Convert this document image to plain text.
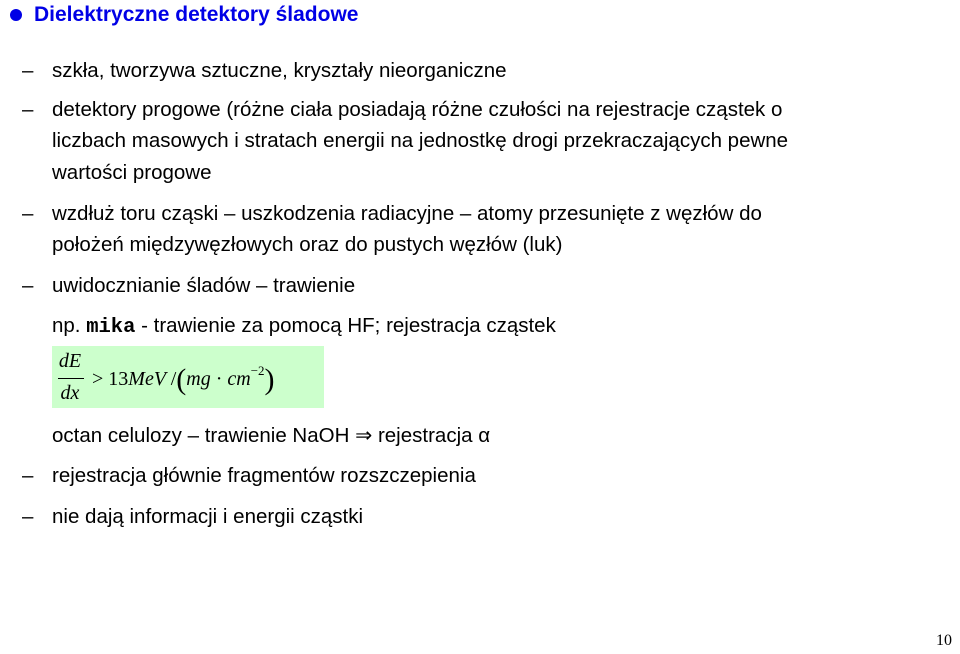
Dielektryczne detektory śladowe
– szkła, tworzywa sztuczne, kryształy nieorganiczne
– detektory progowe (różne ciała posiadają różne czułości na rejestracje cząstek o
liczbach masowych i stratach energii na jednostkę drogi przekraczających pewne
wartości progowe
– wzdłuż toru cząski – uszkodzenia radiacyjne – atomy przesunięte z węzłów do
położeń międzywęzłowych oraz do pustych węzłów (luk)
– uwidocznianie śladów – trawienie
np. mika - trawienie za pomocą HF; rejestracja cząstek
dE
dx
> 13MeV $/(mg \cdot cm^{-2})$
octan celulozy – trawienie NaOH ⇒ rejestracja α
– rejestracja głównie fragmentów rozszczepienia
– nie dają informacji i energii cząstki
10
